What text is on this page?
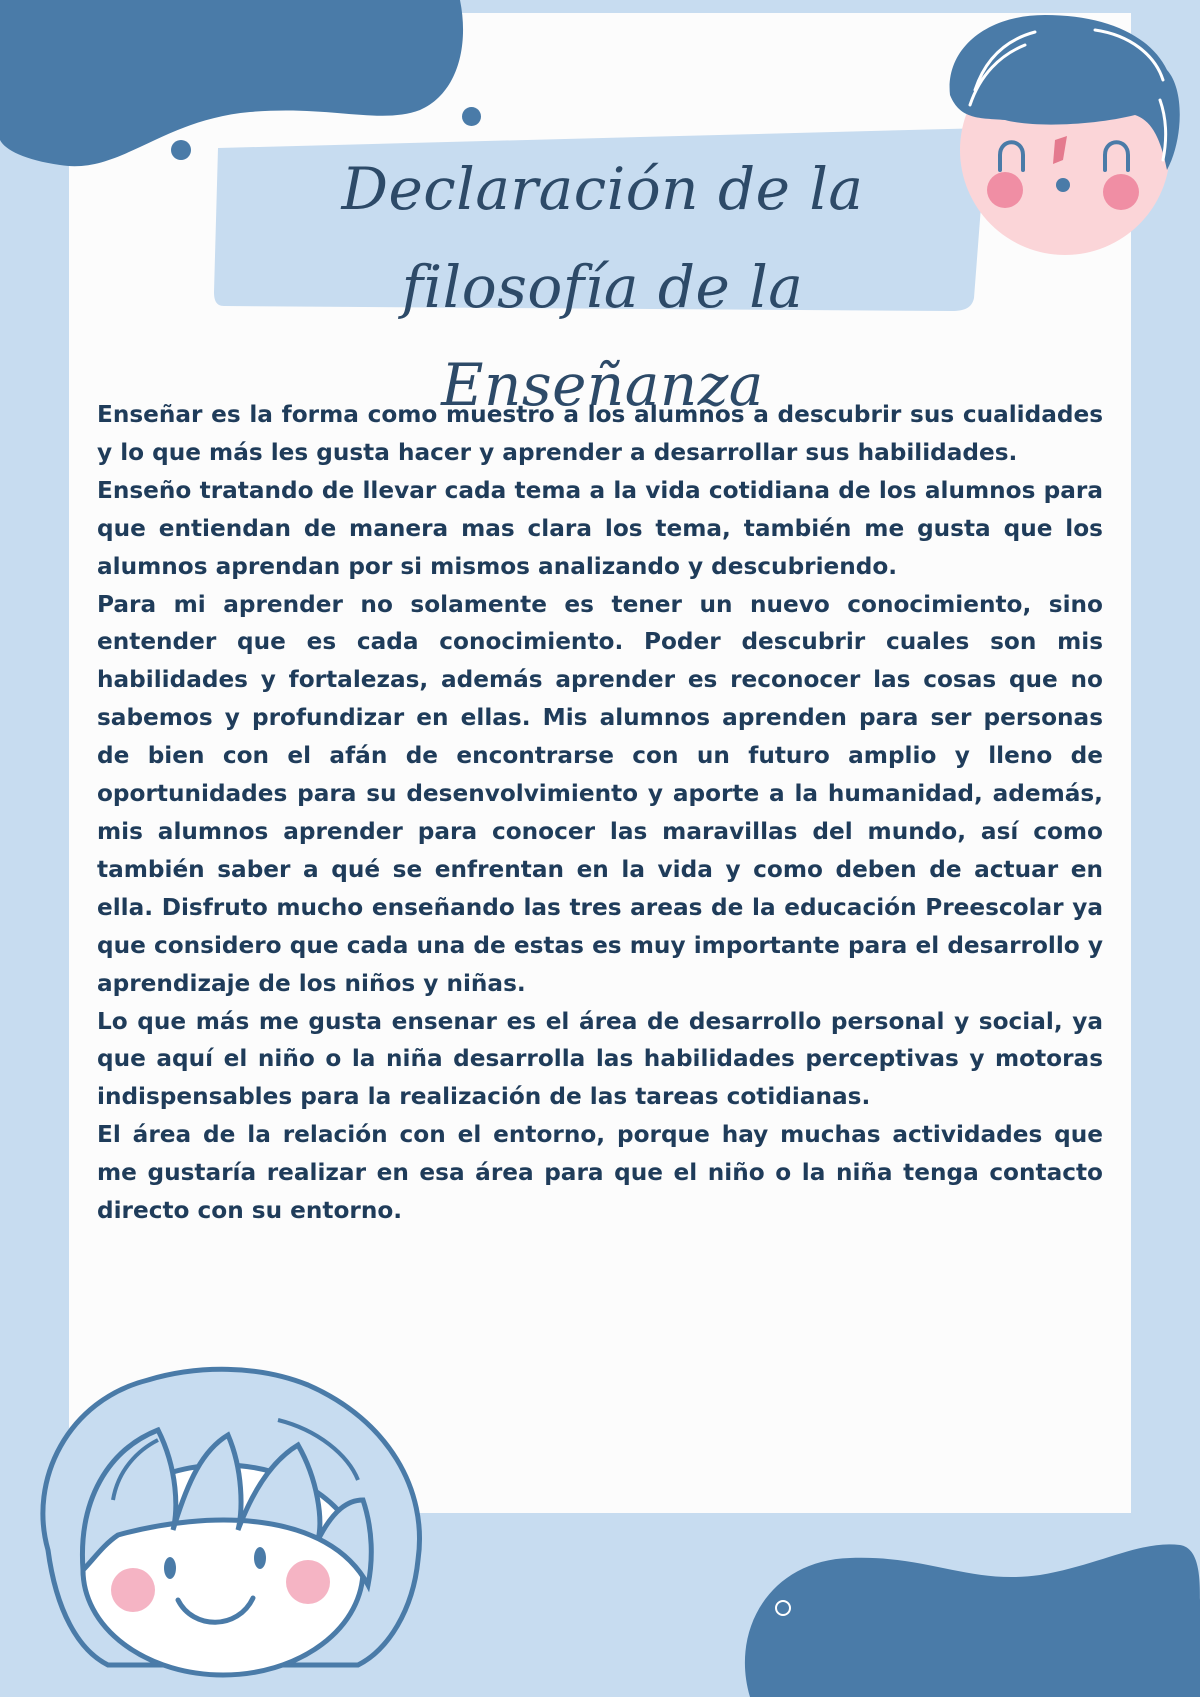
Declaración de la filosofía de la
Enseñanza

Enseñar es la forma como muestro a los alumnos a descubrir sus cualidades y lo que más les gusta hacer y aprender a desarrollar sus habilidades.

Enseño tratando de llevar cada tema a la vida cotidiana de los alumnos para que entiendan de manera mas clara los tema, también me gusta que los alumnos aprendan por si mismos analizando y descubriendo.

Para mi aprender no solamente es tener un nuevo conocimiento, sino entender que es cada conocimiento. Poder descubrir cuales son mis habilidades y fortalezas, además aprender es reconocer las cosas que no sabemos y profundizar en ellas. Mis alumnos aprenden para ser personas de bien con el afán de encontrarse con un futuro amplio y lleno de oportunidades para su desenvolvimiento y aporte a la humanidad, además, mis alumnos aprender para conocer las maravillas del mundo, así como también saber a qué se enfrentan en la vida y como deben de actuar en ella. Disfruto mucho enseñando las tres areas de la educación Preescolar ya que considero que cada una de estas es muy importante para el desarrollo y aprendizaje de los niños y niñas.

Lo que más me gusta ensenar es el área de desarrollo personal y social, ya que aquí el niño o la niña desarrolla las habilidades perceptivas y motoras indispensables para la realización de las tareas cotidianas.

El área de la relación con el entorno, porque hay muchas actividades que me gustaría realizar en esa área para que el niño o la niña tenga contacto directo con su entorno.
